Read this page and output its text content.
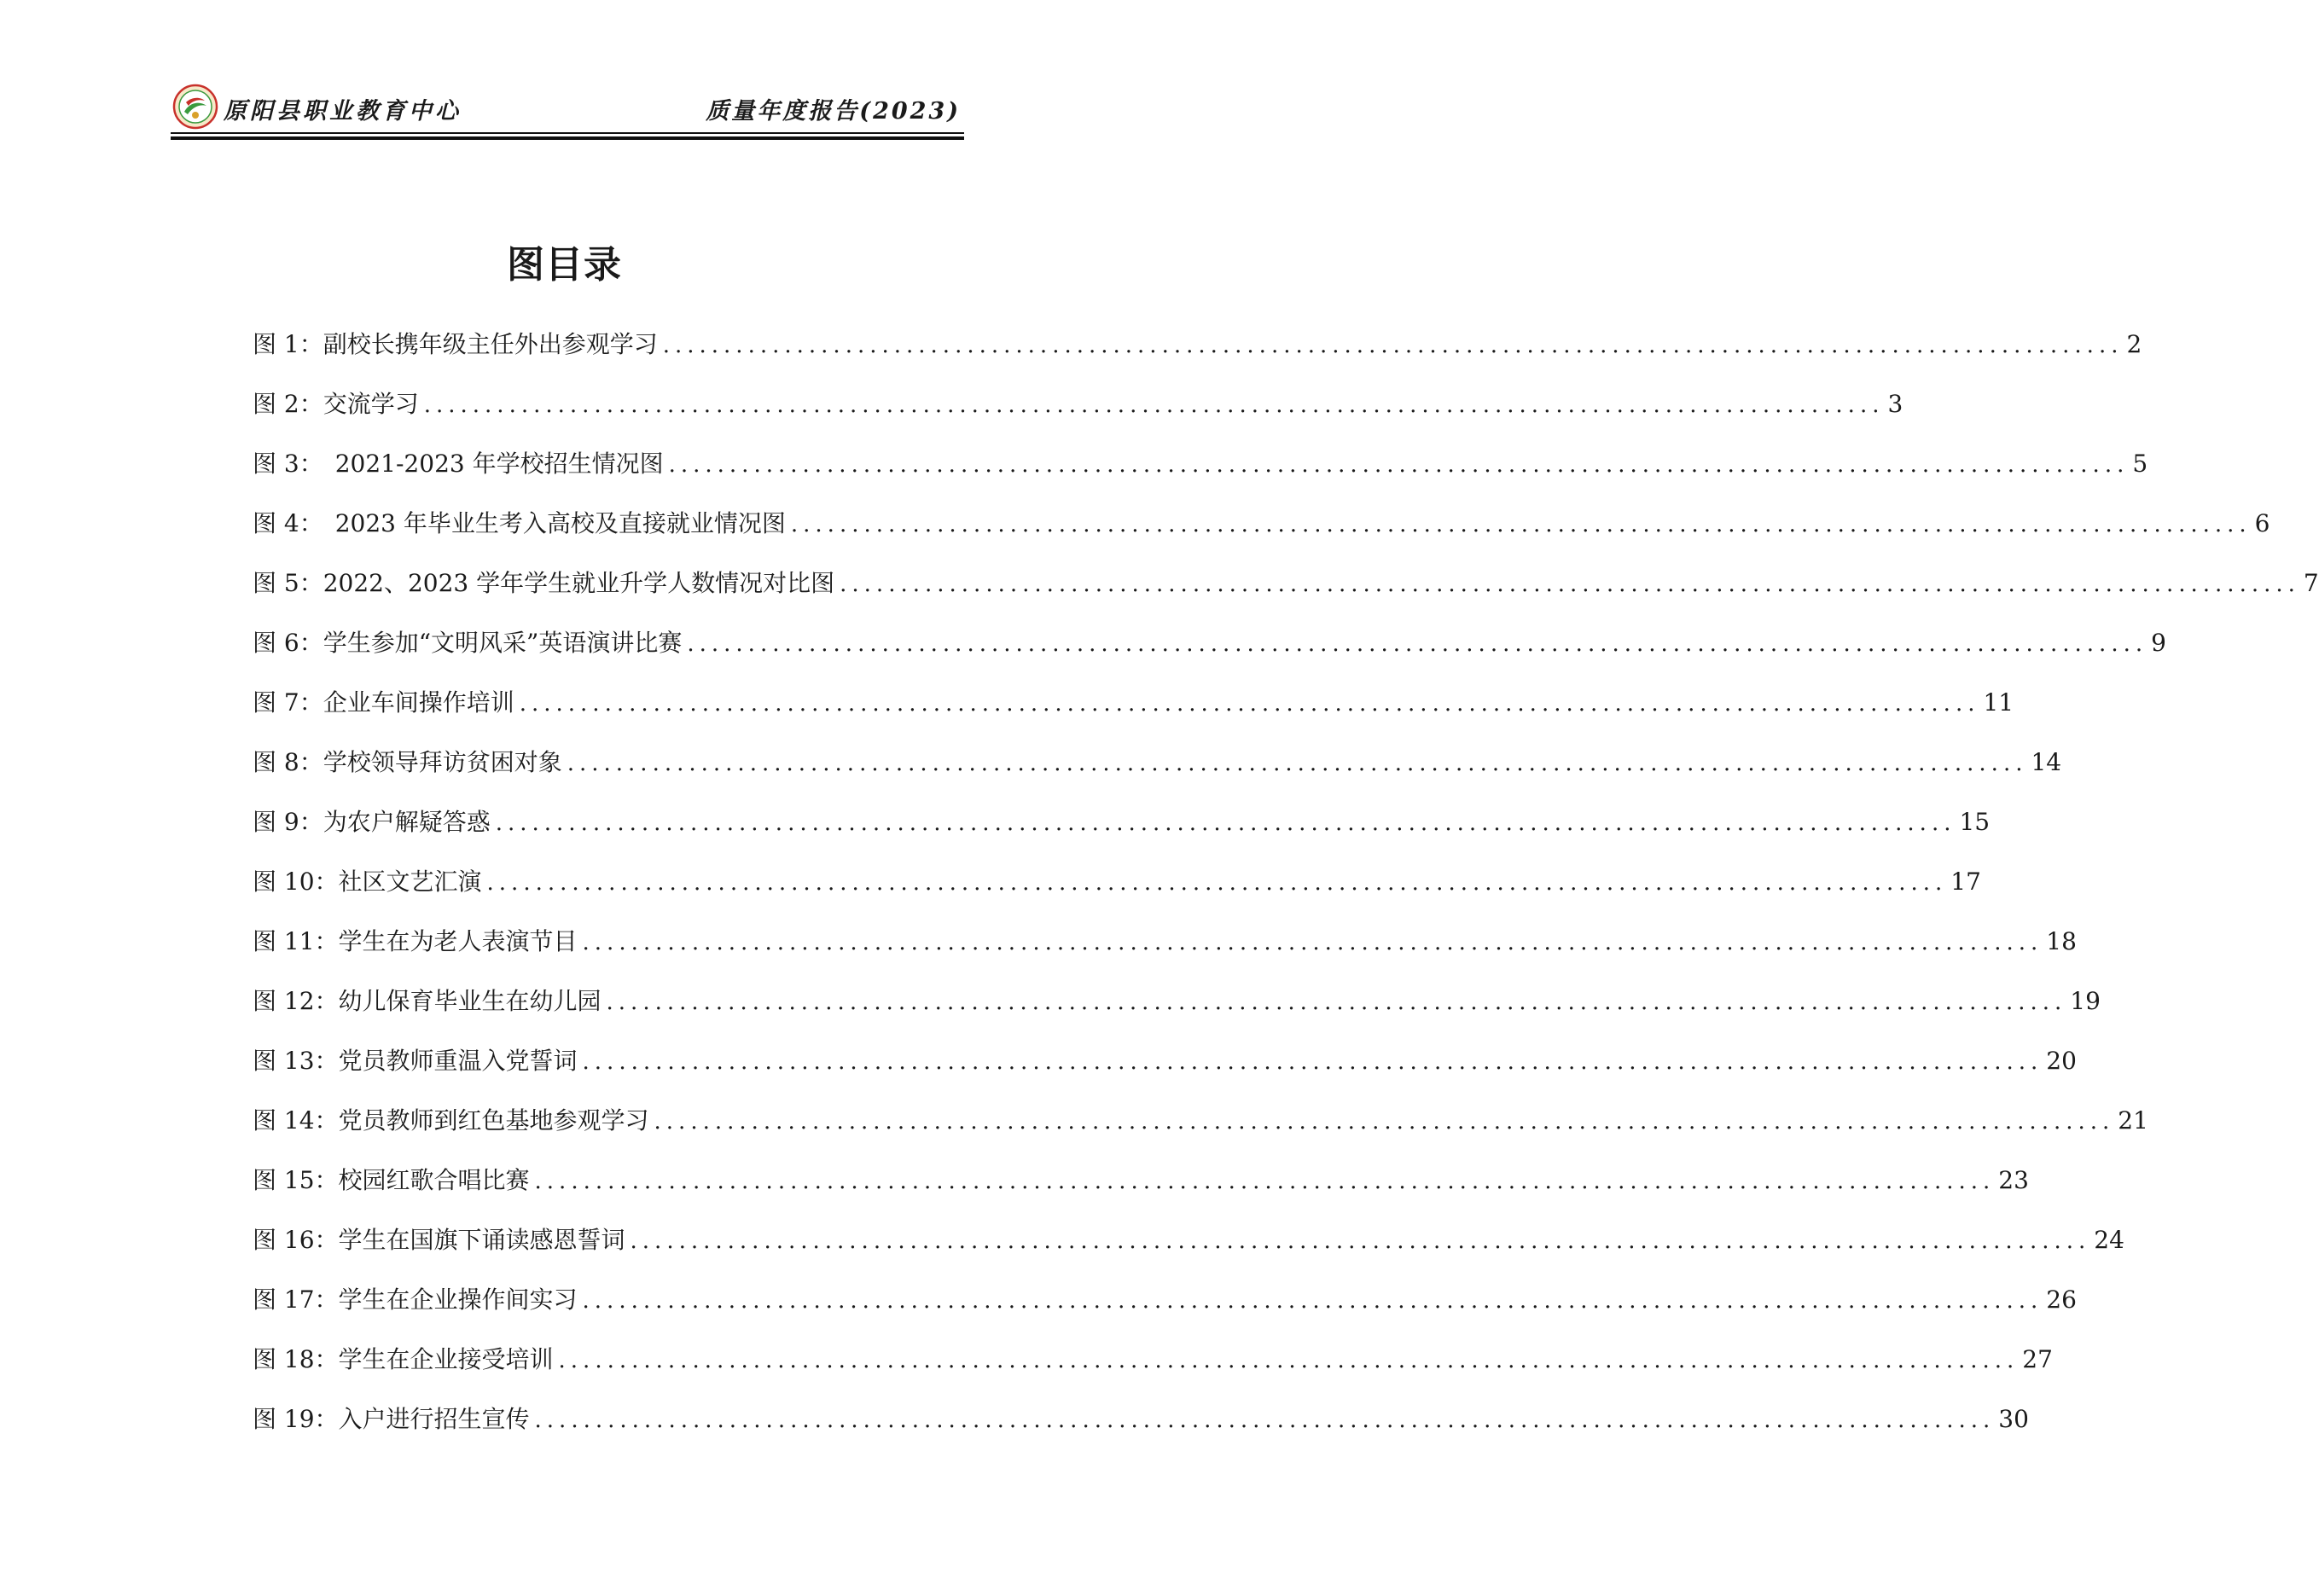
原阳县职业教育中心	质量年度报告(2023)
图目录
图 1：副校长携年级主任外出参观学习 ........................................................................................................................ 2
图 2：交流学习 ........................................................................................................................ 3
图 3：　2021-2023 年学校招生情况图 ........................................................................................................................ 5
图 4：　2023 年毕业生考入高校及直接就业情况图 ........................................................................................................................ 6
图 5：2022、2023 学年学生就业升学人数情况对比图 ........................................................................................................................ 7
图 6：学生参加“文明风采”英语演讲比赛 ........................................................................................................................ 9
图 7：企业车间操作培训 ........................................................................................................................ 11
图 8：学校领导拜访贫困对象 ........................................................................................................................ 14
图 9：为农户解疑答惑 ........................................................................................................................ 15
图 10：社区文艺汇演 ........................................................................................................................ 17
图 11：学生在为老人表演节目 ........................................................................................................................ 18
图 12：幼儿保育毕业生在幼儿园 ........................................................................................................................ 19
图 13：党员教师重温入党誓词 ........................................................................................................................ 20
图 14：党员教师到红色基地参观学习 ........................................................................................................................ 21
图 15：校园红歌合唱比赛 ........................................................................................................................ 23
图 16：学生在国旗下诵读感恩誓词 ........................................................................................................................ 24
图 17：学生在企业操作间实习 ........................................................................................................................ 26
图 18：学生在企业接受培训 ........................................................................................................................ 27
图 19：入户进行招生宣传 ........................................................................................................................ 30
